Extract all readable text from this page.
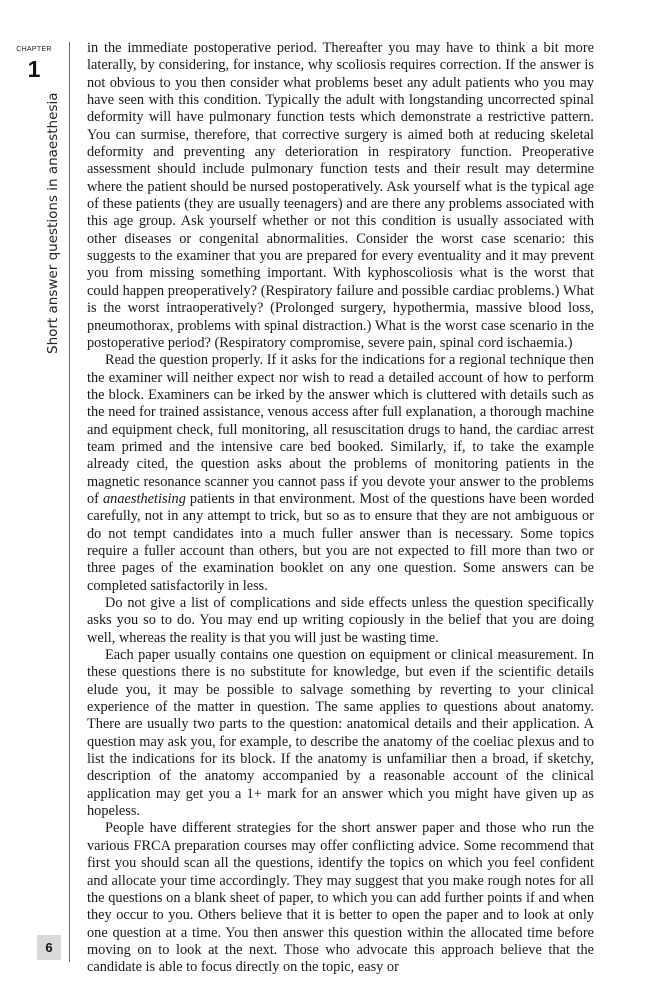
CHAPTER
1
Short answer questions in anaesthesia
6

in the immediate postoperative period. Thereafter you may have to think a bit more laterally, by considering, for instance, why scoliosis requires correction. If the answer is not obvious to you then consider what problems beset any adult patients who you may have seen with this condition. Typically the adult with longstanding uncorrected spinal deformity will have pulmonary function tests which demonstrate a restrictive pattern. You can surmise, therefore, that corrective surgery is aimed both at reducing skeletal deformity and preventing any deterioration in respiratory function. Preoperative assessment should include pulmonary function tests and their result may determine where the patient should be nursed postoperatively. Ask yourself what is the typical age of these patients (they are usually teenagers) and are there any problems associated with this age group. Ask yourself whether or not this condition is usually associated with other diseases or congenital abnormalities. Consider the worst case scenario: this suggests to the examiner that you are prepared for every eventuality and it may prevent you from missing something important. With kyphoscoliosis what is the worst that could happen preoperatively? (Respiratory failure and possible cardiac problems.) What is the worst intraoperatively? (Prolonged surgery, hypothermia, massive blood loss, pneumothorax, problems with spinal distraction.) What is the worst case scenario in the postoperative period? (Respiratory compromise, severe pain, spinal cord ischaemia.)

Read the question properly. If it asks for the indications for a regional technique then the examiner will neither expect nor wish to read a detailed account of how to perform the block. Examiners can be irked by the answer which is cluttered with details such as the need for trained assistance, venous access after full explanation, a thorough machine and equipment check, full monitoring, all resuscitation drugs to hand, the cardiac arrest team primed and the intensive care bed booked. Similarly, if, to take the example already cited, the question asks about the problems of monitoring patients in the magnetic resonance scanner you cannot pass if you devote your answer to the problems of anaesthetising patients in that environment. Most of the questions have been worded carefully, not in any attempt to trick, but so as to ensure that they are not ambiguous or do not tempt candidates into a much fuller answer than is necessary. Some topics require a fuller account than others, but you are not expected to fill more than two or three pages of the examination booklet on any one question. Some answers can be completed satisfactorily in less.

Do not give a list of complications and side effects unless the question specifically asks you so to do. You may end up writing copiously in the belief that you are doing well, whereas the reality is that you will just be wasting time.

Each paper usually contains one question on equipment or clinical measurement. In these questions there is no substitute for knowledge, but even if the scientific details elude you, it may be possible to salvage something by reverting to your clinical experience of the matter in question. The same applies to questions about anatomy. There are usually two parts to the question: anatomical details and their application. A question may ask you, for example, to describe the anatomy of the coeliac plexus and to list the indications for its block. If the anatomy is unfamiliar then a broad, if sketchy, description of the anatomy accompanied by a reasonable account of the clinical application may get you a 1+ mark for an answer which you might have given up as hopeless.

People have different strategies for the short answer paper and those who run the various FRCA preparation courses may offer conflicting advice. Some recommend that first you should scan all the questions, identify the topics on which you feel confident and allocate your time accordingly. They may suggest that you make rough notes for all the questions on a blank sheet of paper, to which you can add further points if and when they occur to you. Others believe that it is better to open the paper and to look at only one question at a time. You then answer this question within the allocated time before moving on to look at the next. Those who advocate this approach believe that the candidate is able to focus directly on the topic, easy or
